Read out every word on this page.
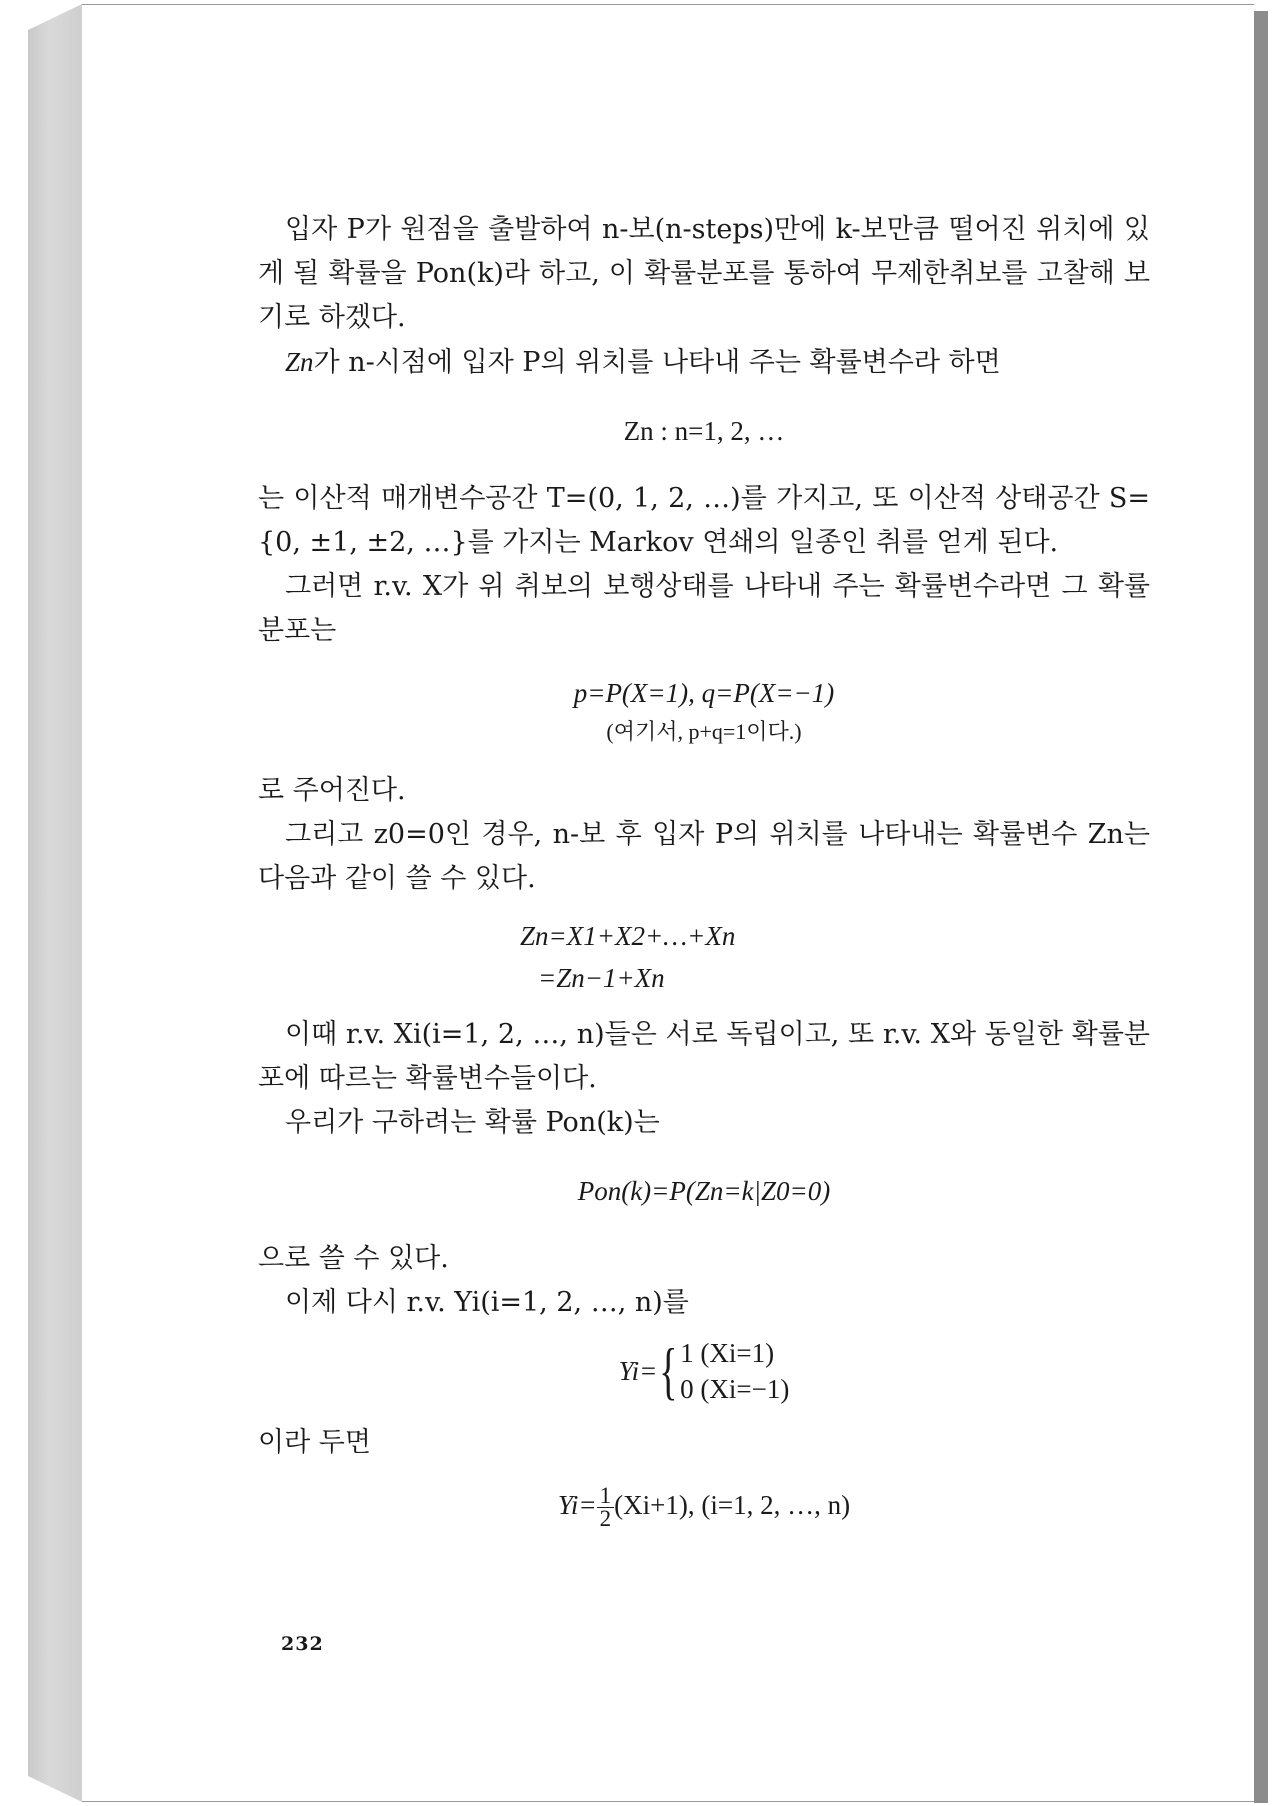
입자 P가 원점을 출발하여 n-보(n-steps)만에 k-보만큼 떨어진 위치에 있게 될 확률을 Pon(k)라 하고, 이 확률분포를 통하여 무제한취보를 고찰해 보기로 하겠다.

Zn가 n-시점에 입자 P의 위치를 나타내 주는 확률변수라 하면

Zn : n=1, 2, …

는 이산적 매개변수공간 T=(0, 1, 2, …)를 가지고, 또 이산적 상태공간 S={0, ±1, ±2, …}를 가지는 Markov 연쇄의 일종인 취를 얻게 된다.

그러면 r.v. X가 위 취보의 보행상태를 나타내 주는 확률변수라면 그 확률분포는

p=P(X=1), q=P(X=−1)

(여기서, p+q=1이다.)

로 주어진다.

그리고 z0=0인 경우, n-보 후 입자 P의 위치를 나타내는 확률변수 Zn는 다음과 같이 쓸 수 있다.

Zn=X1+X2+…+Xn
=Zn−1+Xn

이때 r.v. Xi(i=1, 2, …, n)들은 서로 독립이고, 또 r.v. X와 동일한 확률분포에 따르는 확률변수들이다.

우리가 구하려는 확률 Pon(k)는

Pon(k)=P(Zn=k|Z0=0)

으로 쓸 수 있다.

이제 다시 r.v. Yi(i=1, 2, …, n)를

Yi= { 1 (Xi=1)
0 (Xi=−1)

이라 두면

$Yi= \frac{1}{2} (Xi+1)$, (i=1, 2, …, n)
232
